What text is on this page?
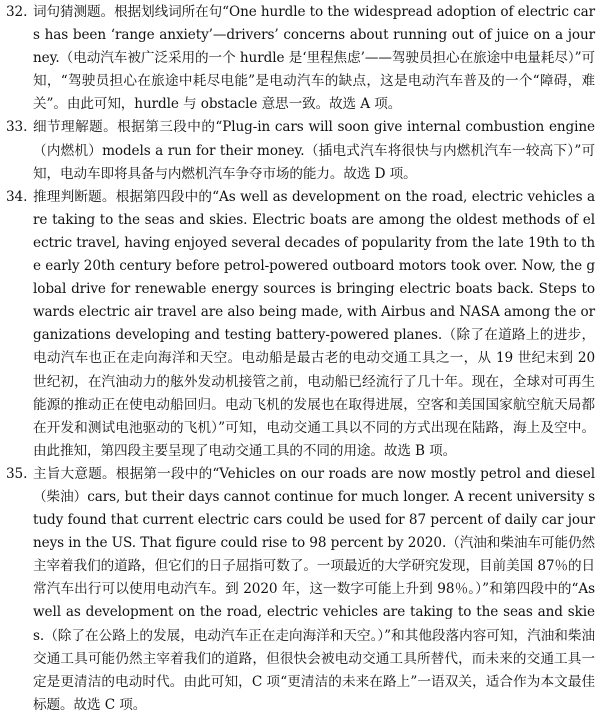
32. 词句猜测题。根据划线词所在句“One hurdle to the widespread adoption of electric cars has been ‘range anxiety’—drivers’ concerns about running out of juice on a journey.（电动汽车被广泛采用的一个 hurdle 是‘里程焦虑’——驾驶员担心在旅途中电量耗尽）”可知，“驾驶员担心在旅途中耗尽电能”是电动汽车的缺点，这是电动汽车普及的一个“障碍，难关”。由此可知，hurdle 与 obstacle 意思一致。故选 A 项。
33. 细节理解题。根据第三段中的“Plug-in cars will soon give internal combustion engine（内燃机）models a run for their money.（插电式汽车将很快与内燃机汽车一较高下）”可知，电动车即将具备与内燃机汽车争夺市场的能力。故选 D 项。
34. 推理判断题。根据第四段中的“As well as development on the road, electric vehicles are taking to the seas and skies. Electric boats are among the oldest methods of electric travel, having enjoyed several decades of popularity from the late 19th to the early 20th century before petrol-powered outboard motors took over. Now, the global drive for renewable energy sources is bringing electric boats back. Steps towards electric air travel are also being made, with Airbus and NASA among the organizations developing and testing battery-powered planes.（除了在道路上的进步，电动汽车也正在走向海洋和天空。电动船是最古老的电动交通工具之一，从 19 世纪末到 20 世纪初，在汽油动力的舷外发动机接管之前，电动船已经流行了几十年。现在，全球对可再生能源的推动正在使电动船回归。电动飞机的发展也在取得进展，空客和美国国家航空航天局都在开发和测试电池驱动的飞机）”可知，电动交通工具以不同的方式出现在陆路，海上及空中。由此推知，第四段主要呈现了电动交通工具的不同的用途。故选 B 项。
35. 主旨大意题。根据第一段中的“Vehicles on our roads are now mostly petrol and diesel（柴油）cars, but their days cannot continue for much longer. A recent university study found that current electric cars could be used for 87 percent of daily car journeys in the US. That figure could rise to 98 percent by 2020.（汽油和柴油车可能仍然主宰着我们的道路，但它们的日子屈指可数了。一项最近的大学研究发现，目前美国 87％的日常汽车出行可以使用电动汽车。到 2020 年，这一数字可能上升到 98％。）”和第四段中的“As well as development on the road, electric vehicles are taking to the seas and skies.（除了在公路上的发展，电动汽车正在走向海洋和天空。）”和其他段落内容可知，汽油和柴油交通工具可能仍然主宰着我们的道路，但很快会被电动交通工具所替代，而未来的交通工具一定是更清洁的电动时代。由此可知，C 项“更清洁的未来在路上”一语双关，适合作为本文最佳标题。故选 C 项。
